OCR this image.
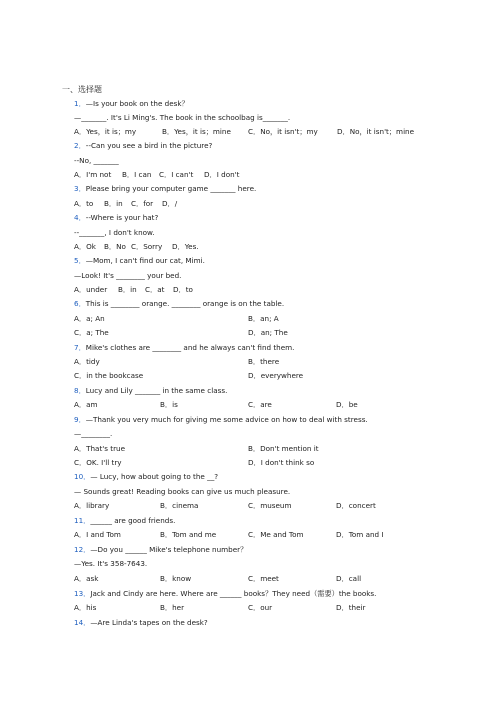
一、选择题
1．—Is your book on the desk？
—_______. It's Li Ming's. The book in the schoolbag is_______.
A．Yes，it is；my	B．Yes，it is；mine C．No，it isn't；my	D．No，it isn't；mine
2．--Can you see a bird in the picture?
--No, _______
A．I'm not B．I can C．I can't D．I don't
3．Please bring your computer game _______ here.
A．to B．in C．for D．/
4．--Where is your hat?
--_______, I don't know.
A．Ok B．No C．Sorry D．Yes.
5．—Mom, I can't find our cat, Mimi.
—Look! It's ________ your bed.
A．under B．in C．at D．to
6．This is ________ orange. ________ orange is on the table.
A．a; An	B．an; A
C．a; The	D．an; The
7．Mike's clothes are ________ and he always can't find them.
A．tidy	B．there
C．in the bookcase	D．everywhere
8．Lucy and Lily _______ in the same class.
A．am	B．is	C．are	D．be
9．—Thank you very much for giving me some advice on how to deal with stress.
—________.
A．That's true	B．Don't mention it
C．OK. I'll try	D．I don't think so
10．— Lucy, how about going to the __?
— Sounds great! Reading books can give us much pleasure.
A．library	B．cinema	C．museum	D．concert
11．______ are good friends.
A．I and Tom	B．Tom and me	C．Me and Tom	D．Tom and I
12．—Do you ______ Mike's telephone number？
—Yes. It's 358-7643.
A．ask	B．know	C．meet	D．call
13．Jack and Cindy are here. Where are ______ books？They need（需要）the books.
A．his	B．her	C．our	D．their
14．—Are Linda's tapes on the desk?
